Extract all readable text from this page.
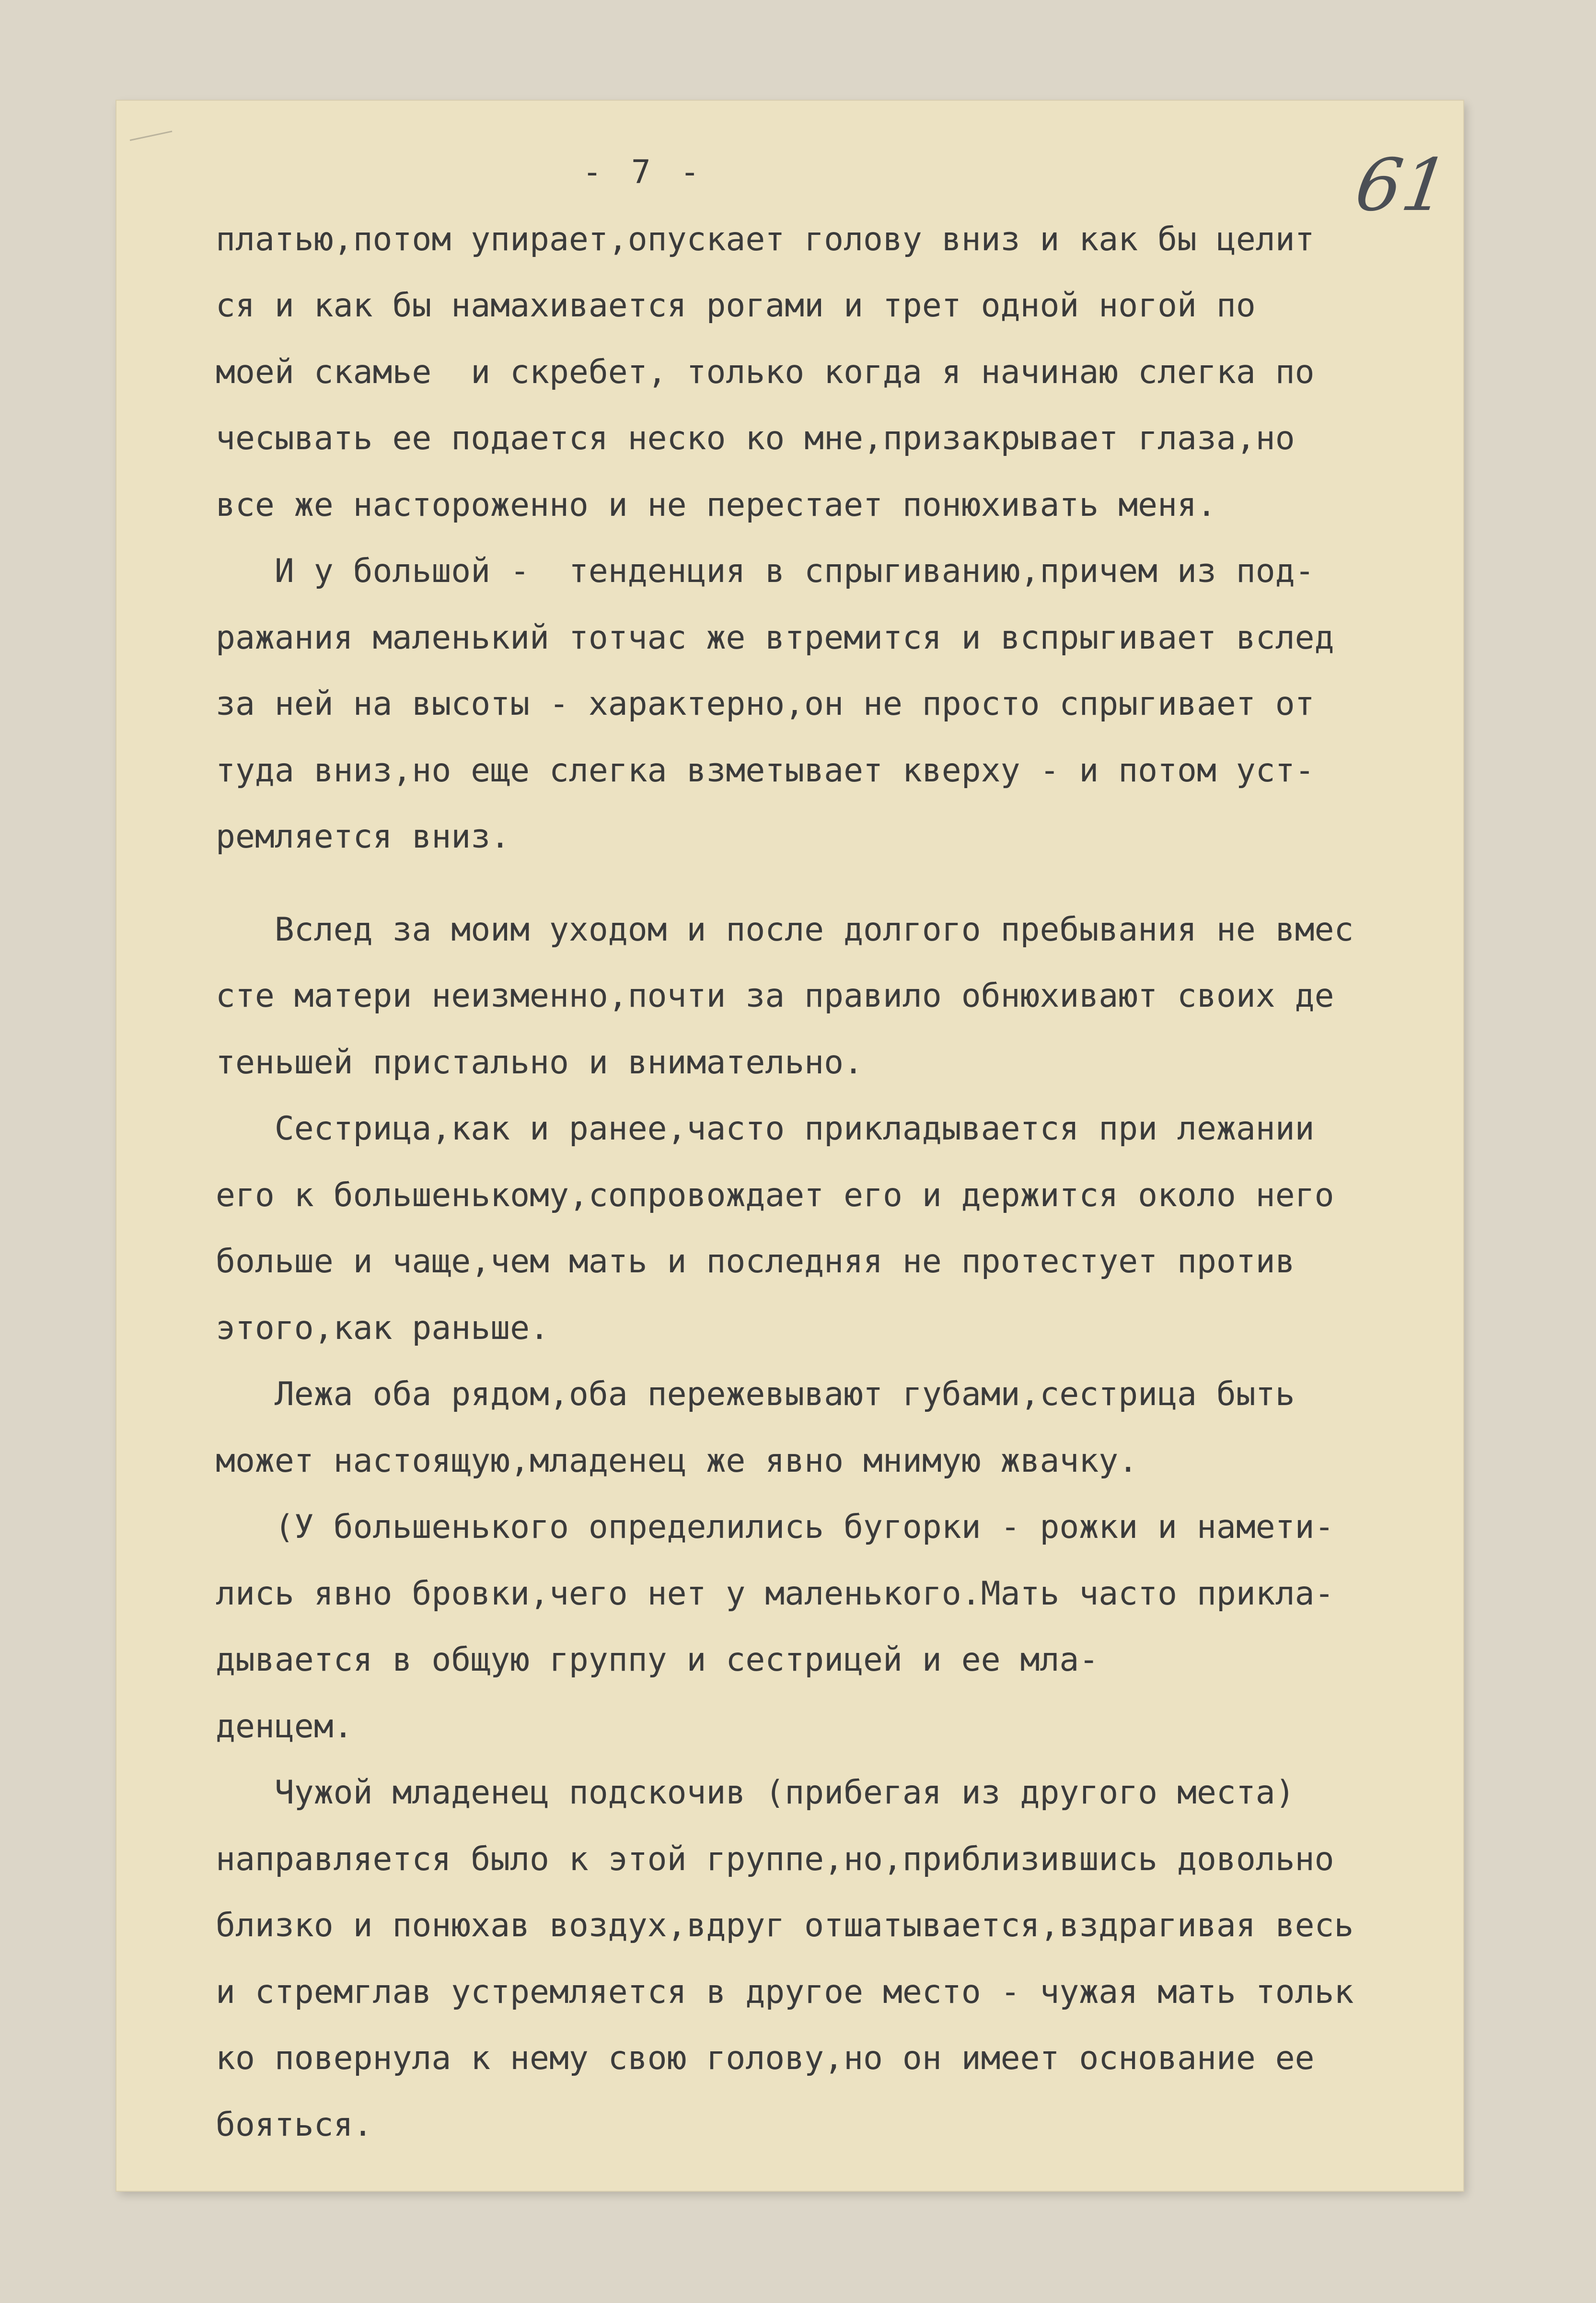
61
- 7 -
платью,потом упирает,опускает голову вниз и как бы целит
ся и как бы намахивается рогами и трет одной ногой по
моей скамье  и скребет, только когда я начинаю слегка по
чесывать ее подается неско ко мне,призакрывает глаза,но
все же настороженно и не перестает понюхивать меня.
И у большой -  тенденция в спрыгиванию,причем из под-
ражания маленький тотчас же втремится и вспрыгивает вслед
за ней на высоты - характерно,он не просто спрыгивает от
туда вниз,но еще слегка взметывает кверху - и потом уст-
ремляется вниз.
Вслед за моим уходом и после долгого пребывания не вмес
сте матери неизменно,почти за правило обнюхивают своих де
теньшей пристально и внимательно.
Сестрица,как и ранее,часто прикладывается при лежании
его к большенькому,сопровождает его и держится около него
больше и чаще,чем мать и последняя не протестует против
этого,как раньше.
Лежа оба рядом,оба пережевывают губами,сестрица быть
может настоящую,младенец же явно мнимую жвачку.
(У большенького определились бугорки - рожки и намети-
лись явно бровки,чего нет у маленького.Мать часто прикла-
дывается в общую группу и сестрицей и ее мла-
денцем.
Чужой младенец подскочив (прибегая из другого места)
направляется было к этой группе,но,приблизившись довольно
близко и понюхав воздух,вдруг отшатывается,вздрагивая весь
и стремглав устремляется в другое место - чужая мать тольк
ко повернула к нему свою голову,но он имеет основание ее
бояться.
